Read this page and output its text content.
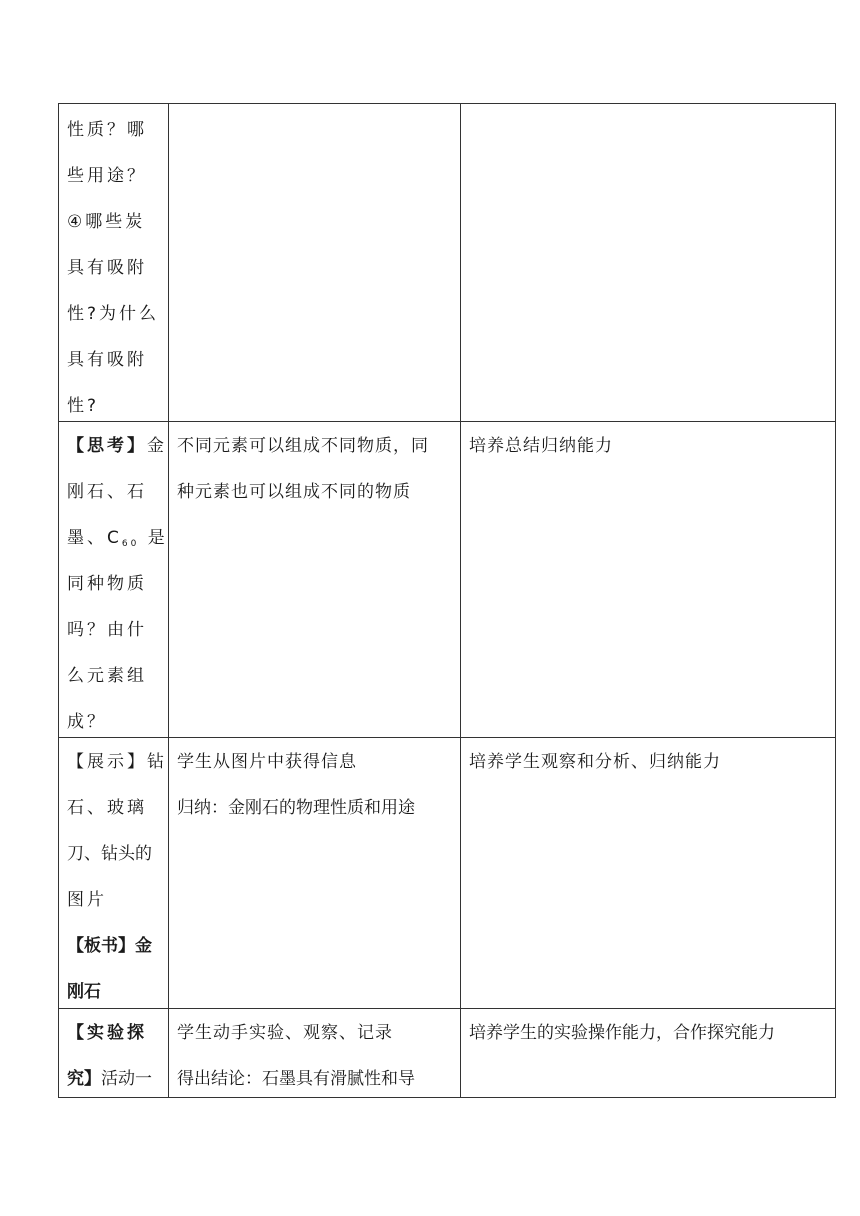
性质？哪
些用途？
④哪些炭
具有吸附
性?为什么
具有吸附
性?
【思考】金
刚石、石
墨、$C_{60}$ 是
同种物质
吗？由什
么元素组
成？
不同元素可以组成不同物质，同
种元素也可以组成不同的物质
培养总结归纳能力
【展示】钻
石、玻璃
刀、钻头的
图片
【板书】金
刚石
学生从图片中获得信息
归纳：金刚石的物理性质和用途
培养学生观察和分析、归纳能力
【实验探
究】活动一
学生动手实验、观察、记录
得出结论：石墨具有滑腻性和导
培养学生的实验操作能力，合作探究能力
